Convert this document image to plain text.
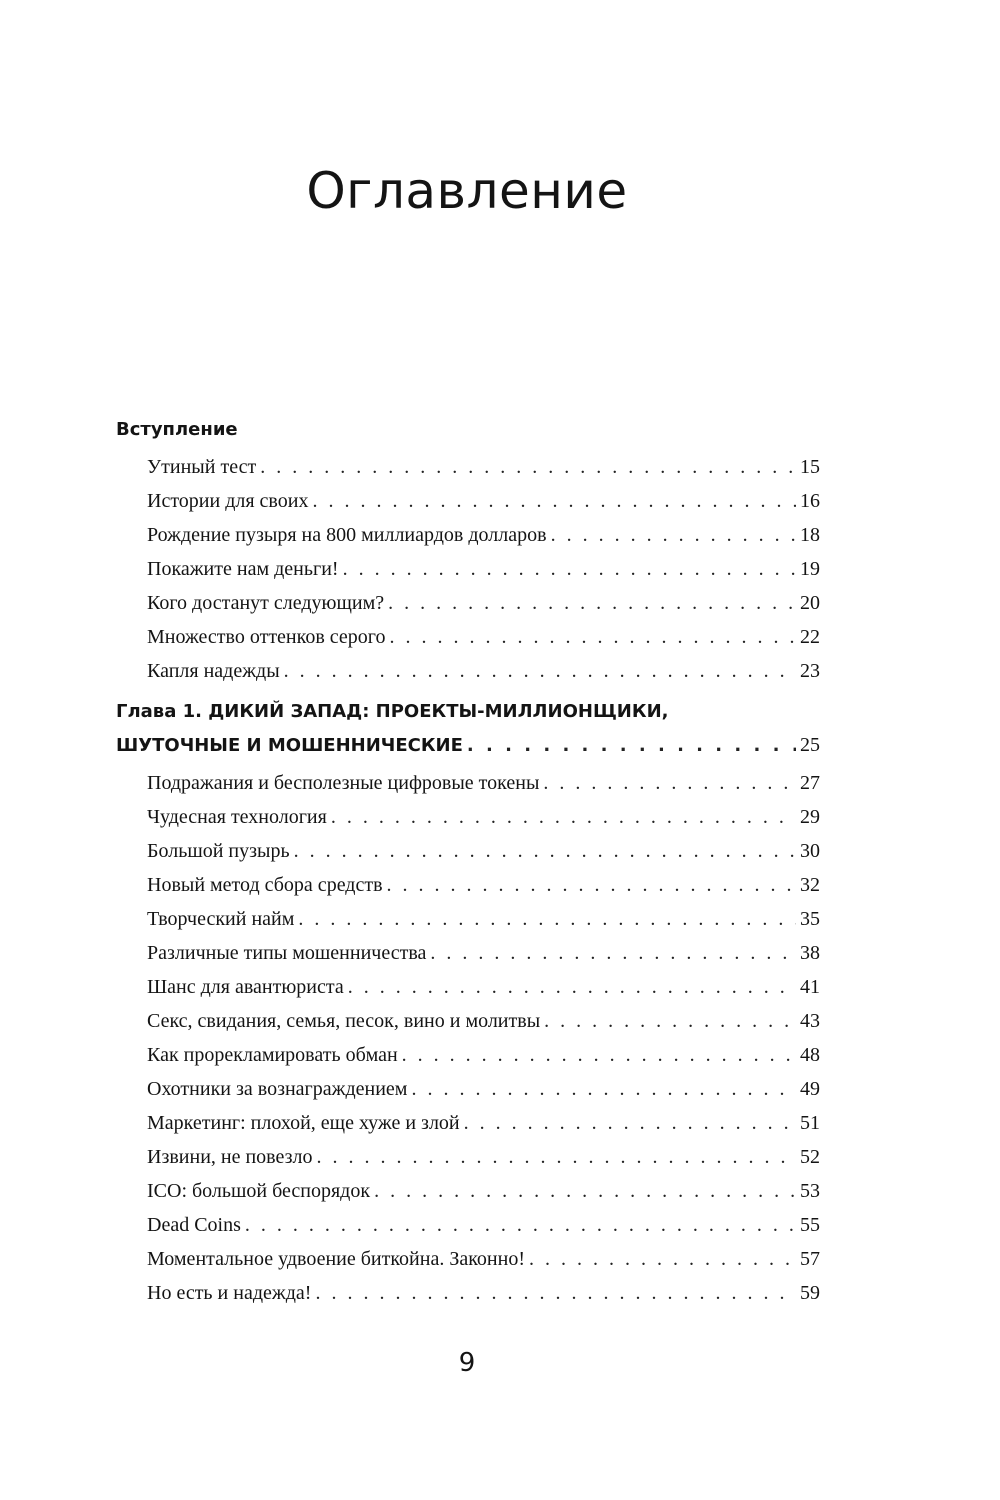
Оглавление
Вступление
Утиный тест . . .	15
Истории для своих . . .	16
Рождение пузыря на 800 миллиардов долларов . . .	18
Покажите нам деньги! . . .	19
Кого достанут следующим? . . .	20
Множество оттенков серого . . .	22
Капля надежды . . .	23
Глава 1. ДИКИЙ ЗАПАД: ПРОЕКТЫ-МИЛЛИОНЩИКИ,
ШУТОЧНЫЕ И МОШЕННИЧЕСКИЕ . . .	25
Подражания и бесполезные цифровые токены . . .	27
Чудесная технология . . .	29
Большой пузырь . . .	30
Новый метод сбора средств . . .	32
Творческий найм . . .	35
Различные типы мошенничества . . .	38
Шанс для авантюриста . . .	41
Секс, свидания, семья, песок, вино и молитвы . . .	43
Как прорекламировать обман . . .	48
Охотники за вознаграждением . . .	49
Маркетинг: плохой, еще хуже и злой . . .	51
Извини, не повезло . . .	52
ICO: большой беспорядок . . .	53
Dead Coins . . .	55
Моментальное удвоение биткойна. Законно! . . .	57
Но есть и надежда! . . .	59
9
